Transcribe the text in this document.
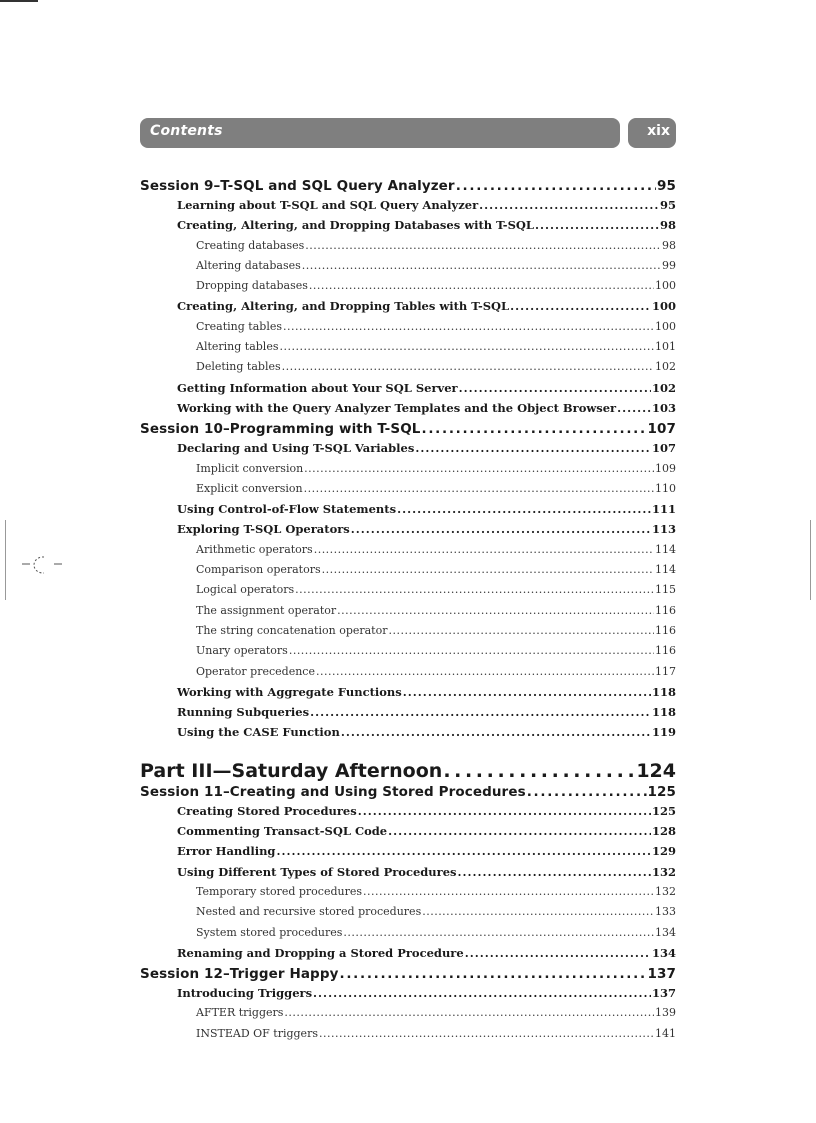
Contents	xix
Session 9–T-SQL and SQL Query Analyzer . . .	95
Learning about T-SQL and SQL Query Analyzer . . .	95
Creating, Altering, and Dropping Databases with T-SQL . . .	98
Creating databases . . .	98
Altering databases . . .	99
Dropping databases . . .	100
Creating, Altering, and Dropping Tables with T-SQL . . .	100
Creating tables . . .	100
Altering tables . . .	101
Deleting tables . . .	102
Getting Information about Your SQL Server . . .	102
Working with the Query Analyzer Templates and the Object Browser . . .	103
Session 10–Programming with T-SQL . . .	107
Declaring and Using T-SQL Variables . . .	107
Implicit conversion . . .	109
Explicit conversion . . .	110
Using Control-of-Flow Statements . . .	111
Exploring T-SQL Operators . . .	113
Arithmetic operators . . .	114
Comparison operators . . .	114
Logical operators . . .	115
The assignment operator . . .	116
The string concatenation operator . . .	116
Unary operators . . .	116
Operator precedence . . .	117
Working with Aggregate Functions . . .	118
Running Subqueries . . .	118
Using the CASE Function . . .	119
Part III—Saturday Afternoon . . .	124
Session 11–Creating and Using Stored Procedures . . .	125
Creating Stored Procedures . . .	125
Commenting Transact-SQL Code . . .	128
Error Handling . . .	129
Using Different Types of Stored Procedures . . .	132
Temporary stored procedures . . .	132
Nested and recursive stored procedures . . .	133
System stored procedures . . .	134
Renaming and Dropping a Stored Procedure . . .	134
Session 12–Trigger Happy . . .	137
Introducing Triggers . . .	137
AFTER triggers . . .	139
INSTEAD OF triggers . . .	141
